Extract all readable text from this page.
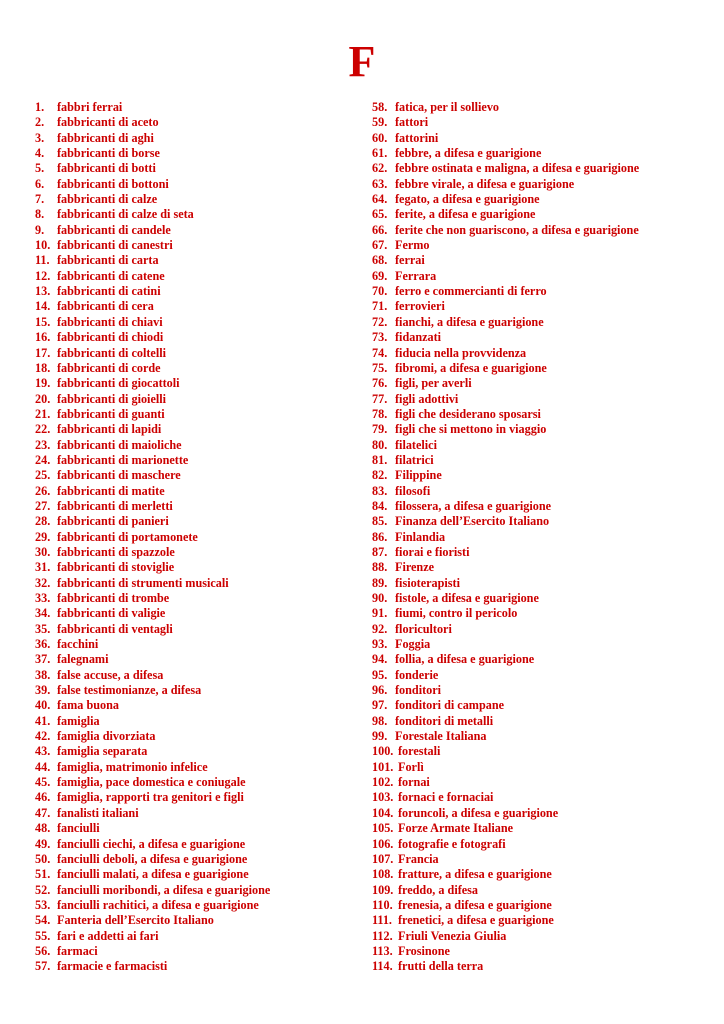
F
1.	fabbri ferrai
2.	fabbricanti di aceto
3.	fabbricanti di aghi
4.	fabbricanti di borse
5.	fabbricanti di botti
6.	fabbricanti di bottoni
7.	fabbricanti di calze
8.	fabbricanti di calze di seta
9.	fabbricanti di candele
10. fabbricanti di canestri
11. fabbricanti di carta
12. fabbricanti di catene
13. fabbricanti di catini
14. fabbricanti di cera
15. fabbricanti di chiavi
16. fabbricanti di chiodi
17. fabbricanti di coltelli
18. fabbricanti di corde
19. fabbricanti di giocattoli
20. fabbricanti di gioielli
21. fabbricanti di guanti
22. fabbricanti di lapidi
23. fabbricanti di maioliche
24. fabbricanti di marionette
25. fabbricanti di maschere
26. fabbricanti di matite
27. fabbricanti di merletti
28. fabbricanti di panieri
29. fabbricanti di portamonete
30. fabbricanti di spazzole
31. fabbricanti di stoviglie
32. fabbricanti di strumenti musicali
33. fabbricanti di trombe
34. fabbricanti di valigie
35. fabbricanti di ventagli
36. facchini
37. falegnami
38. false accuse, a difesa
39. false testimonianze, a difesa
40. fama buona
41. famiglia
42. famiglia divorziata
43. famiglia separata
44. famiglia, matrimonio infelice
45. famiglia, pace domestica e coniugale
46. famiglia, rapporti tra genitori e figli
47. fanalisti italiani
48. fanciulli
49. fanciulli ciechi, a difesa e guarigione
50. fanciulli deboli, a difesa e guarigione
51. fanciulli malati, a difesa e guarigione
52. fanciulli moribondi, a difesa e guarigione
53. fanciulli rachitici, a difesa e guarigione
54. Fanteria dell’Esercito Italiano
55. fari e addetti ai fari
56. farmaci
57. farmacie e farmacisti
58. fatica, per il sollievo
59. fattori
60. fattorini
61. febbre, a difesa e guarigione
62. febbre ostinata e maligna, a difesa e guarigione
63. febbre virale, a difesa e guarigione
64. fegato, a difesa e guarigione
65. ferite, a difesa e guarigione
66. ferite che non guariscono, a difesa e guarigione
67. Fermo
68. ferrai
69. Ferrara
70. ferro e commercianti di ferro
71. ferrovieri
72. fianchi, a difesa e guarigione
73. fidanzati
74. fiducia nella provvidenza
75. fibromi, a difesa e guarigione
76. figli, per averli
77. figli adottivi
78. figli che desiderano sposarsi
79. figli che si mettono in viaggio
80. filatelici
81. filatrici
82. Filippine
83. filosofi
84. filossera, a difesa e guarigione
85. Finanza dell’Esercito Italiano
86. Finlandia
87. fiorai e fioristi
88. Firenze
89. fisioterapisti
90. fistole, a difesa e guarigione
91. fiumi, contro il pericolo
92. floricultori
93. Foggia
94. follia, a difesa e guarigione
95. fonderie
96. fonditori
97. fonditori di campane
98. fonditori di metalli
99. Forestale Italiana
100. forestali
101. Forlì
102. fornai
103. fornaci e fornaciai
104. foruncoli, a difesa e guarigione
105. Forze Armate Italiane
106. fotografie e fotografi
107. Francia
108. fratture, a difesa e guarigione
109. freddo, a difesa
110. frenesia, a difesa e guarigione
111. frenetici, a difesa e guarigione
112. Friuli Venezia Giulia
113. Frosinone
114. frutti della terra
